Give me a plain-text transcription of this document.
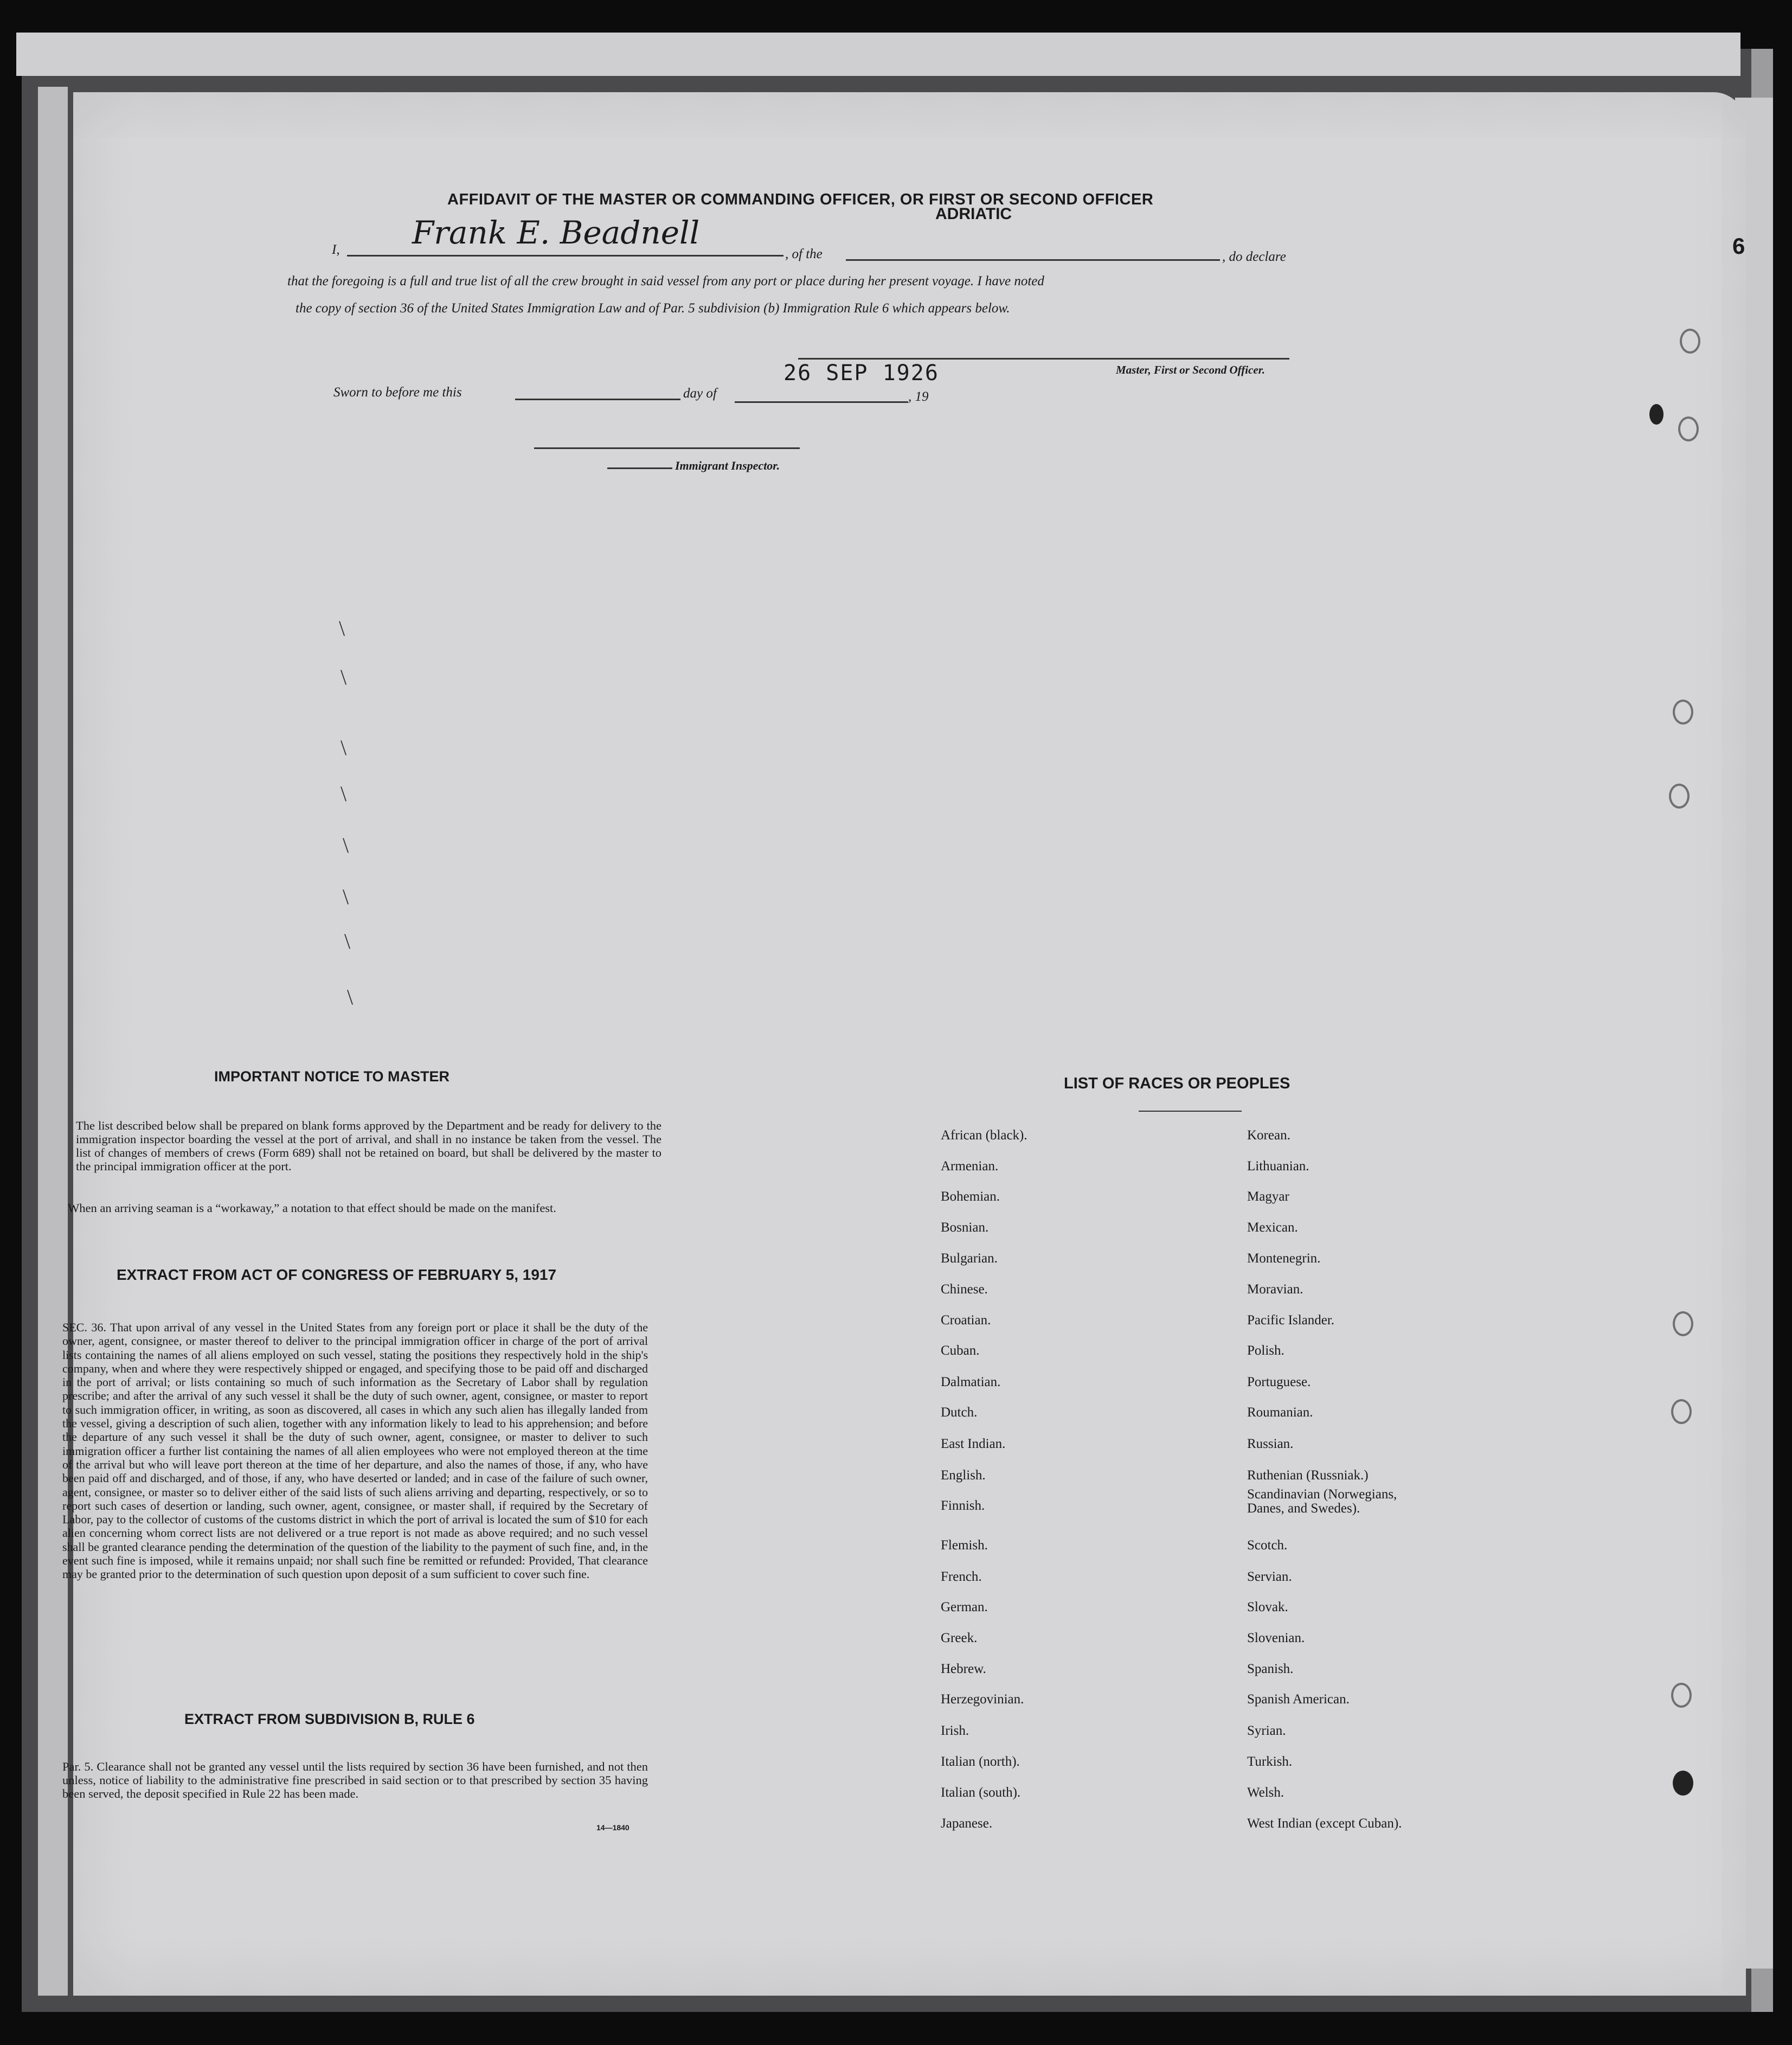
AFFIDAVIT OF THE MASTER OR COMMANDING OFFICER, OR FIRST OR SECOND OFFICER
ADRIATIC
6
I, Frank E. Beadnell
, of the	, do declare
that the foregoing is a full and true list of all the crew brought in said vessel from any port or place during her present voyage. I have noted
the copy of section 36 of the United States Immigration Law and of Par. 5 subdivision (b) Immigration Rule 6 which appears below.
Master, First or Second Officer.
Sworn to before me this	day of
26 SEP 1926
, 19
Immigrant Inspector.
IMPORTANT NOTICE TO MASTER
The list described below shall be prepared on blank forms approved by the Department and be ready for delivery to the immigration inspector boarding the vessel at the port of arrival, and shall in no instance be taken from the vessel. The list of changes of members of crews (Form 689) shall not be retained on board, but shall be delivered by the master to the principal immigration officer at the port.
When an arriving seaman is a “workaway,” a notation to that effect should be made on the manifest.
EXTRACT FROM ACT OF CONGRESS OF FEBRUARY 5, 1917
SEC. 36. That upon arrival of any vessel in the United States from any foreign port or place it shall be the duty of the owner, agent, consignee, or master thereof to deliver to the principal immigration officer in charge of the port of arrival lists containing the names of all aliens employed on such vessel, stating the positions they respectively hold in the ship's company, when and where they were respectively shipped or engaged, and specifying those to be paid off and discharged in the port of arrival; or lists containing so much of such information as the Secretary of Labor shall by regulation prescribe; and after the arrival of any such vessel it shall be the duty of such owner, agent, consignee, or master to report to such immigration officer, in writing, as soon as discovered, all cases in which any such alien has illegally landed from the vessel, giving a description of such alien, together with any information likely to lead to his apprehension; and before the departure of any such vessel it shall be the duty of such owner, agent, consignee, or master to deliver to such immigration officer a further list containing the names of all alien employees who were not employed thereon at the time of the arrival but who will leave port thereon at the time of her departure, and also the names of those, if any, who have been paid off and discharged, and of those, if any, who have deserted or landed; and in case of the failure of such owner, agent, consignee, or master so to deliver either of the said lists of such aliens arriving and departing, respectively, or so to report such cases of desertion or landing, such owner, agent, consignee, or master shall, if required by the Secretary of Labor, pay to the collector of customs of the customs district in which the port of arrival is located the sum of $10 for each alien concerning whom correct lists are not delivered or a true report is not made as above required; and no such vessel shall be granted clearance pending the determination of the question of the liability to the payment of such fine, and, in the event such fine is imposed, while it remains unpaid; nor shall such fine be remitted or refunded: Provided, That clearance may be granted prior to the determination of such question upon deposit of a sum sufficient to cover such fine.
EXTRACT FROM SUBDIVISION B, RULE 6
Par. 5. Clearance shall not be granted any vessel until the lists required by section 36 have been furnished, and not then unless, notice of liability to the administrative fine prescribed in said section or to that prescribed by section 35 having been served, the deposit specified in Rule 22 has been made.
14—1840
LIST OF RACES OR PEOPLES
African (black).
Armenian.
Bohemian.
Bosnian.
Bulgarian.
Chinese.
Croatian.
Cuban.
Dalmatian.
Dutch.
East Indian.
English.
Finnish.
Flemish.
French.
German.
Greek.
Hebrew.
Herzegovinian.
Irish.
Italian (north).
Italian (south).
Japanese.
Korean.
Lithuanian.
Magyar
Mexican.
Montenegrin.
Moravian.
Pacific Islander.
Polish.
Portuguese.
Roumanian.
Russian.
Ruthenian (Russniak.)
Scandinavian (Norwegians, Danes, and Swedes).
Scotch.
Servian.
Slovak.
Slovenian.
Spanish.
Spanish American.
Syrian.
Turkish.
Welsh.
West Indian (except Cuban).
\
\
\
\
\
\
\
\
